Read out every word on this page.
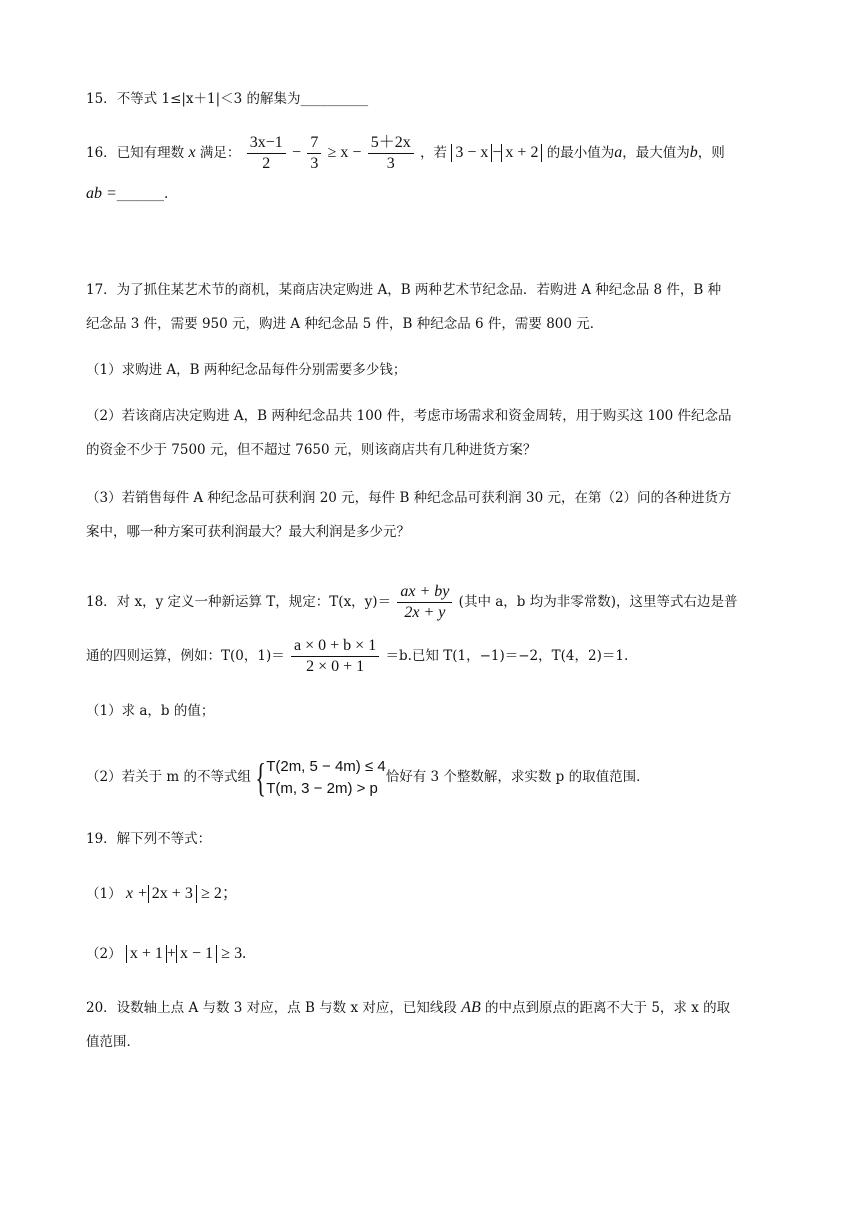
15．不等式 1≤|x＋1|＜3 的解集为__________
16．已知有理数 x 满足： $\frac{3x-1}{2} - \frac{7}{3} \ge x - \frac{5+2x}{3}$ ，若 3 − x − x + 2 的最小值为a，最大值为b，则
ab =_______.
17．为了抓住某艺术节的商机，某商店决定购进 A，B 两种艺术节纪念品．若购进 A 种纪念品 8 件，B 种
纪念品 3 件，需要 950 元，购进 A 种纪念品 5 件，B 种纪念品 6 件，需要 800 元．
（1）求购进 A，B 两种纪念品每件分别需要多少钱；
（2）若该商店决定购进 A，B 两种纪念品共 100 件，考虑市场需求和资金周转，用于购买这 100 件纪念品
的资金不少于 7500 元，但不超过 7650 元，则该商店共有几种进货方案？
（3）若销售每件 A 种纪念品可获利润 20 元，每件 B 种纪念品可获利润 30 元，在第（2）问的各种进货方
案中，哪一种方案可获利润最大？最大利润是多少元？
18．对 x，y 定义一种新运算 T，规定：T(x，$y)= \frac{ax + by}{2x + y}$ (其中 a，b 均为非零常数)，这里等式右边是普
通的四则运算，例如：T(0，$1)= \frac{a \times 0 + b \times 1}{2 \times 0 + 1} =b$.已知 T(1，−1)＝−2，T(4，2)＝1.
（1）求 a，b 的值；
（2）若关于 m 的不等式组 { T(2m, 5 − 4m) ≤ 4
T(m, 3 − 2m) > p
恰好有 3 个整数解，求实数 p 的取值范围．
19．解下列不等式：
（1） x + 2x + 3 ≥ 2；
（2） x + 1 + x − 1 ≥ 3.
20．设数轴上点 A 与数 3 对应，点 B 与数 x 对应，已知线段 AB 的中点到原点的距离不大于 5，求 x 的取
值范围．
